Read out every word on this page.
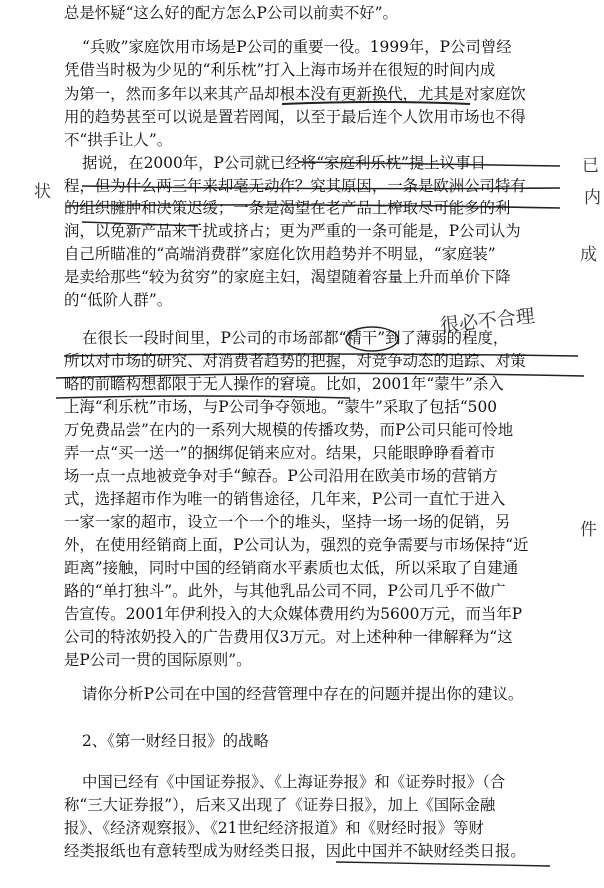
总是怀疑“这么好的配方怎么P公司以前卖不好”。
“兵败”家庭饮用市场是P公司的重要一役。1999年，P公司曾经
凭借当时极为少见的“利乐枕”打入上海市场并在很短的时间内成
为第一，然而多年以来其产品却根本没有更新换代，尤其是对家庭饮
用的趋势甚至可以说是置若罔闻，以至于最后连个人饮用市场也不得
不“拱手让人”。
据说，在2000年，P公司就已经将“家庭利乐枕”提上议事日
程，但为什么两三年来却毫无动作？究其原因，一条是欧洲公司特有
的组织臃肿和决策迟缓；一条是渴望在老产品上榨取尽可能多的利
润，以免新产品来干扰或挤占；更为严重的一条可能是，P公司认为
自己所瞄准的“高端消费群”家庭化饮用趋势并不明显，“家庭装”
是卖给那些“较为贫穷”的家庭主妇，渴望随着容量上升而单价下降
的“低阶人群”。
在很长一段时间里，P公司的市场部都“精干”到了薄弱的程度，
所以对市场的研究、对消费者趋势的把握，对竞争动态的追踪、对策
略的前瞻构想都限于无人操作的窘境。比如，2001年“蒙牛”杀入
上海“利乐枕”市场，与P公司争夺领地。“蒙牛”采取了包括“500
万免费品尝”在内的一系列大规模的传播攻势，而P公司只能可怜地
弄一点“买一送一”的捆绑促销来应对。结果，只能眼睁睁看着市
场一点一点地被竞争对手“鲸吞。P公司沿用在欧美市场的营销方
式，选择超市作为唯一的销售途径，几年来，P公司一直忙于进入
一家一家的超市，设立一个一个的堆头，坚持一场一场的促销，另
外，在使用经销商上面，P公司认为，强烈的竞争需要与市场保持“近
距离”接触，同时中国的经销商水平素质也太低，所以采取了自建通
路的“单打独斗”。此外，与其他乳品公司不同，P公司几乎不做广
告宣传。2001年伊利投入的大众媒体费用约为5600万元，而当年P
公司的特浓奶投入的广告费用仅3万元。对上述种种一律解释为“这
是P公司一贯的国际原则”。
请你分析P公司在中国的经营管理中存在的问题并提出你的建议。
2、《第一财经日报》的战略
中国已经有《中国证券报》、《上海证券报》和《证券时报》（合
称“三大证券报”），后来又出现了《证券日报》，加上《国际金融
报》、《经济观察报》、《21世纪经济报道》和《财经时报》等财
经类报纸也有意转型成为财经类日报，因此中国并不缺财经类日报。
已
内
状
成
很必不合理
件
